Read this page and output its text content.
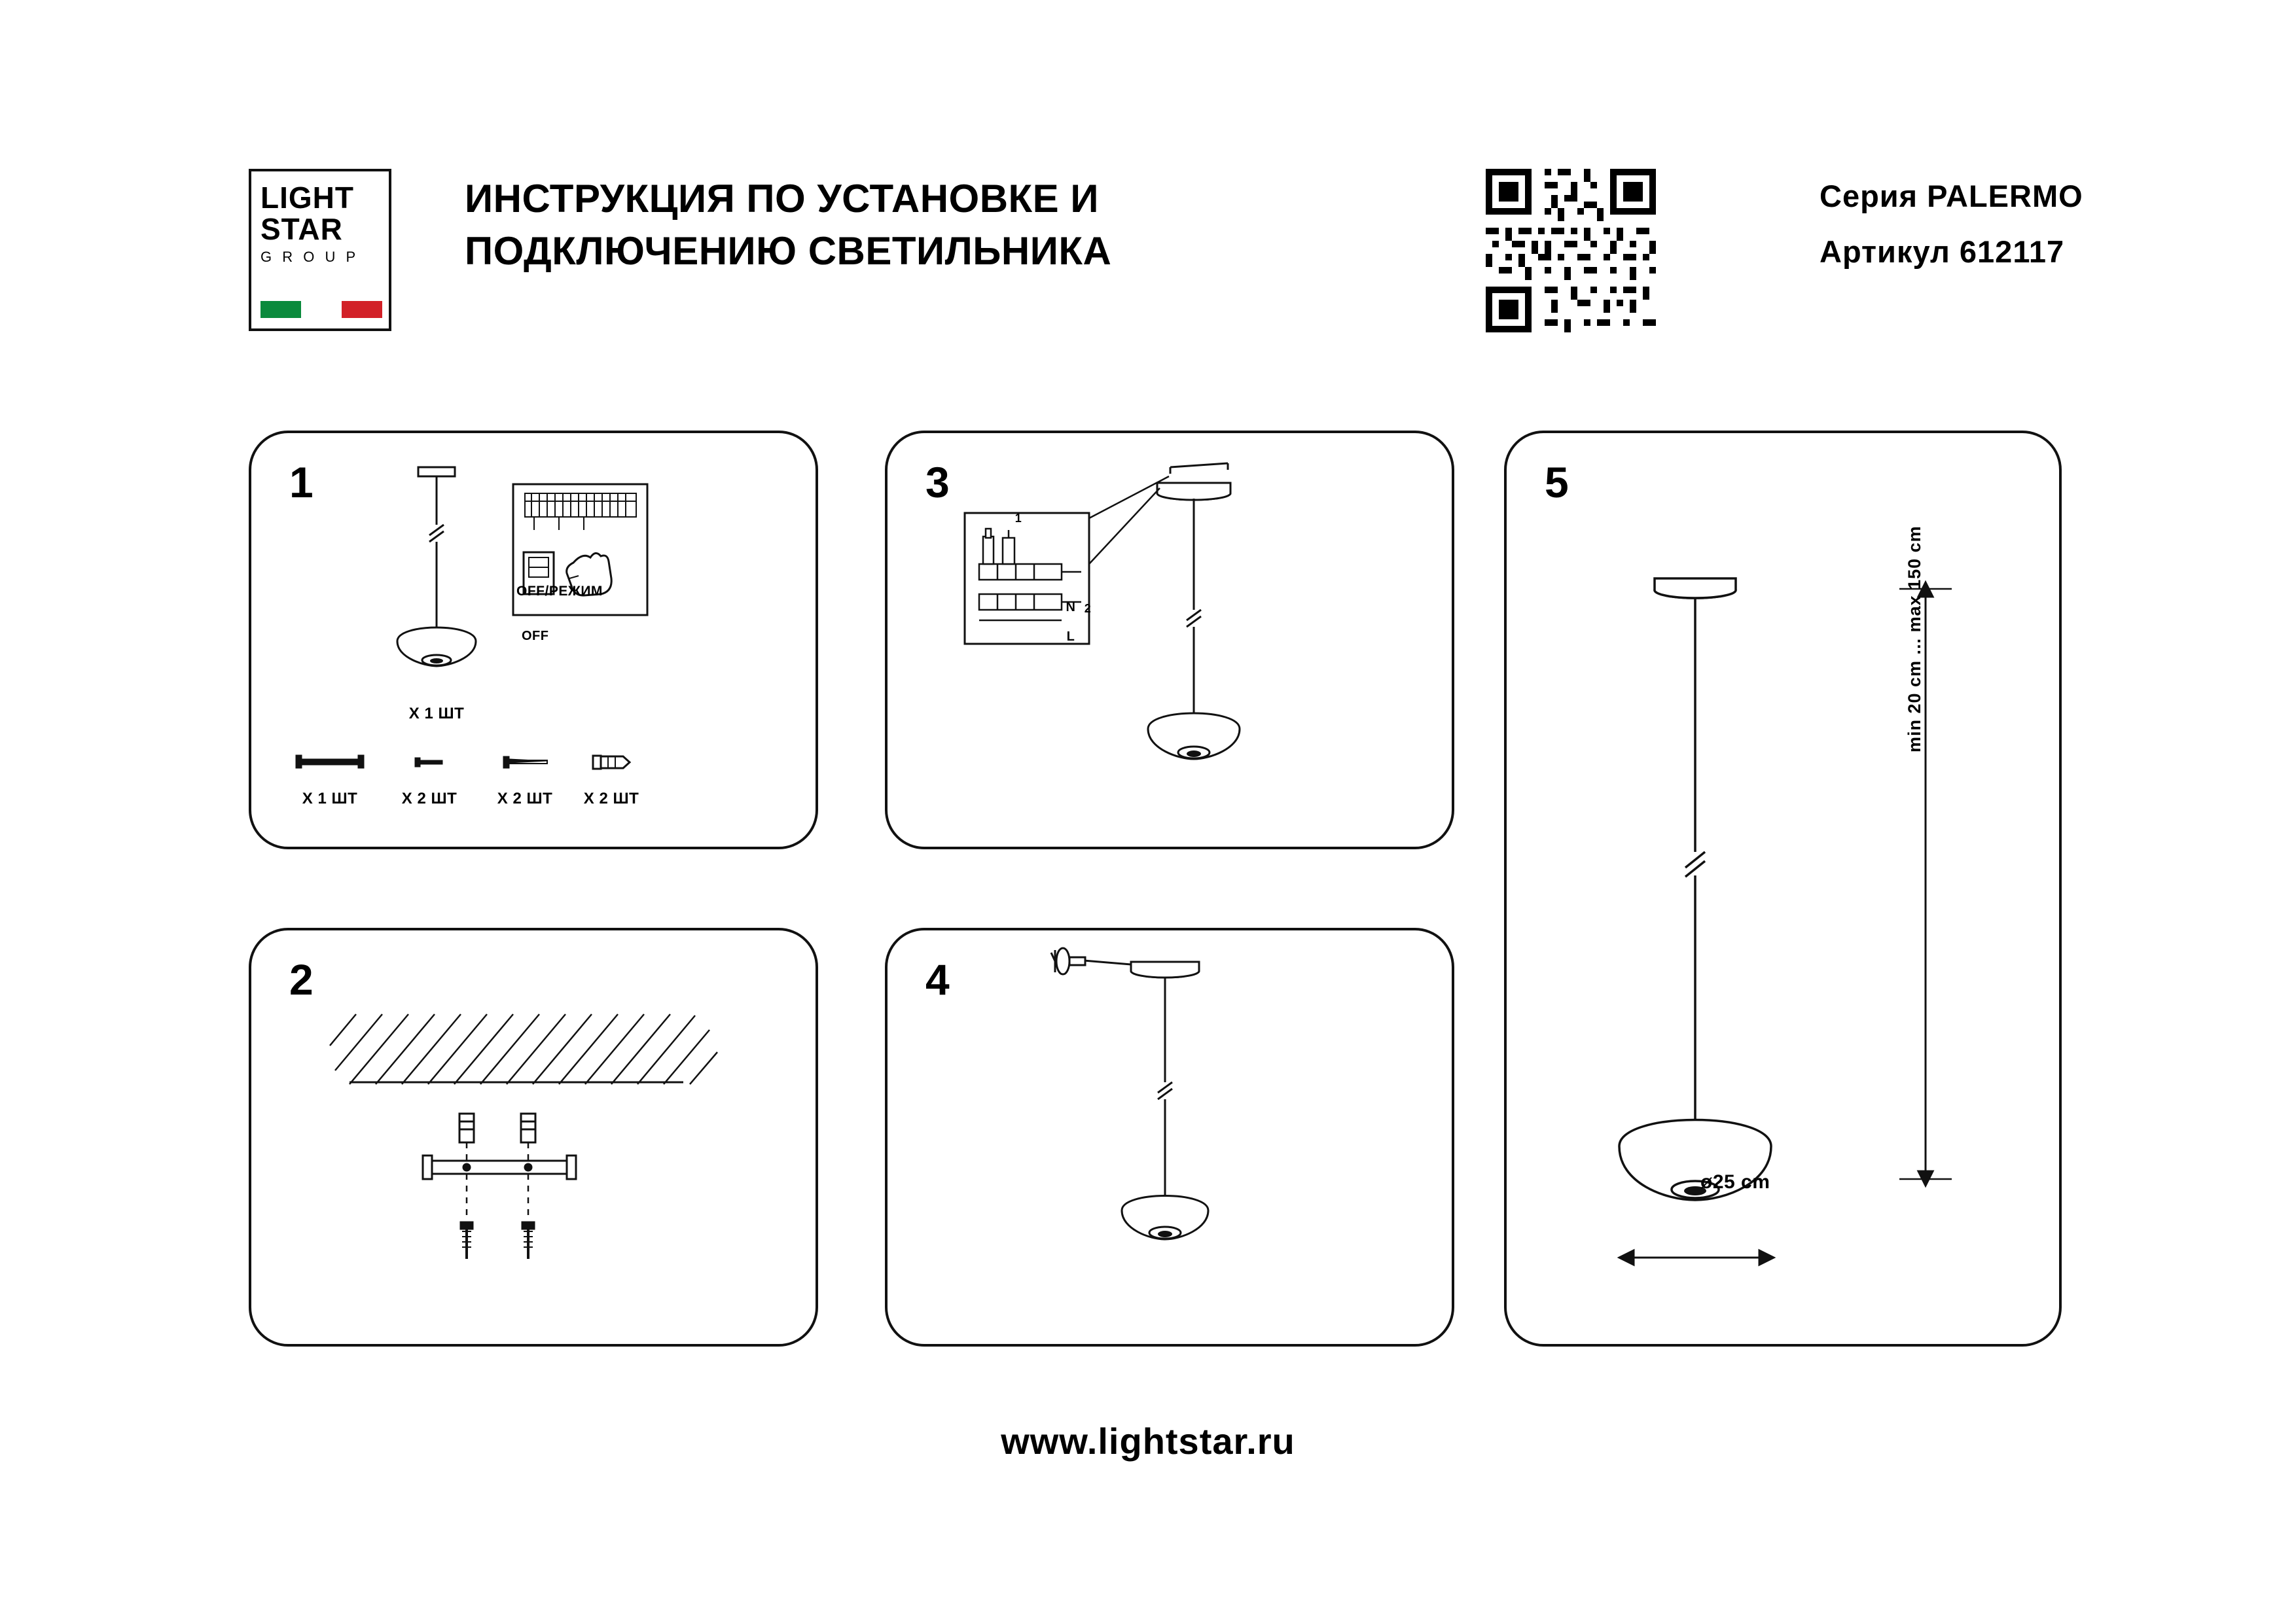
LIGHT
STAR
G R O U P
ИНСТРУКЦИЯ ПО УСТАНОВКЕ И
ПОДКЛЮЧЕНИЮ СВЕТИЛЬНИКА
Серия PALERMO
Артикул 612117
1
OFF/РЕЖИМ
OFF
X 1 ШТ
X 1 ШТ	X 2 ШТ	X 2 ШТ	X 2 ШТ
2
3
N
L
1
2
4
5
min 20 cm ... max 150 cm
ø25 cm
www.lightstar.ru
